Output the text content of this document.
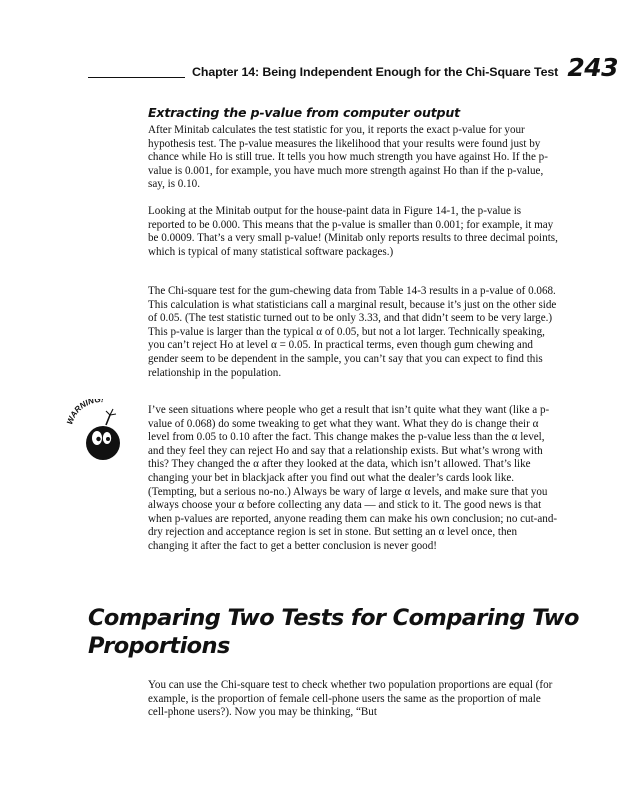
Chapter 14: Being Independent Enough for the Chi-Square Test 243
Extracting the p-value from computer output

After Minitab calculates the test statistic for you, it reports the exact p-value for your hypothesis test. The p-value measures the likelihood that your results were found just by chance while Ho is still true. It tells you how much strength you have against Ho. If the p-value is 0.001, for example, you have much more strength against Ho than if the p-value, say, is 0.10.

Looking at the Minitab output for the house-paint data in Figure 14-1, the p-value is reported to be 0.000. This means that the p-value is smaller than 0.001; for example, it may be 0.0009. That’s a very small p-value! (Minitab only reports results to three decimal points, which is typical of many statistical software packages.)

The Chi-square test for the gum-chewing data from Table 14-3 results in a p-value of 0.068. This calculation is what statisticians call a marginal result, because it’s just on the other side of 0.05. (The test statistic turned out to be only 3.33, and that didn’t seem to be very large.) This p-value is larger than the typical α of 0.05, but not a lot larger. Technically speaking, you can’t reject Ho at level α = 0.05. In practical terms, even though gum chewing and gender seem to be dependent in the sample, you can’t say that you can expect to find this relationship in the population.

WARNING!

I’ve seen situations where people who get a result that isn’t quite what they want (like a p-value of 0.068) do some tweaking to get what they want. What they do is change their α level from 0.05 to 0.10 after the fact. This change makes the p-value less than the α level, and they feel they can reject Ho and say that a relationship exists. But what’s wrong with this? They changed the α after they looked at the data, which isn’t allowed. That’s like changing your bet in blackjack after you find out what the dealer’s cards look like. (Tempting, but a serious no-no.) Always be wary of large α levels, and make sure that you always choose your α before collecting any data — and stick to it. The good news is that when p-values are reported, anyone reading them can make his own conclusion; no cut-and-dry rejection and acceptance region is set in stone. But setting an α level once, then changing it after the fact to get a better conclusion is never good!

Comparing Two Tests for Comparing Two Proportions

You can use the Chi-square test to check whether two population proportions are equal (for example, is the proportion of female cell-phone users the same as the proportion of male cell-phone users?). Now you may be thinking, “But
